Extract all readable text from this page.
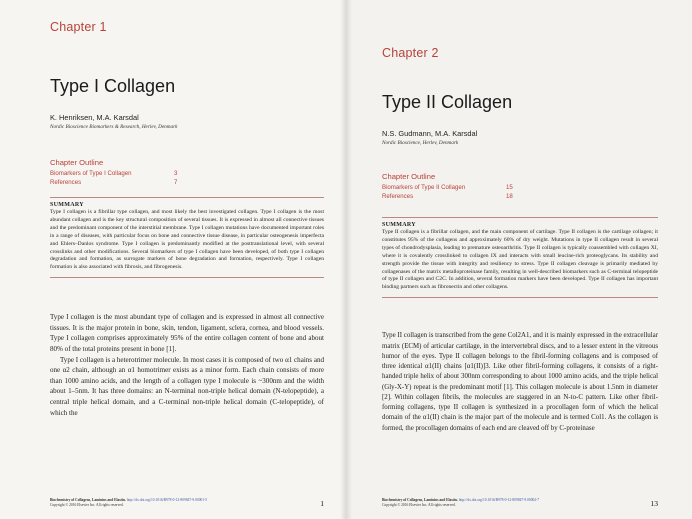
Chapter 1
Type I Collagen
K. Henriksen, M.A. Karsdal
Nordic Bioscience Biomarkers & Research, Herlev, Denmark
Chapter Outline
Biomarkers of Type I Collagen	3
References	7
SUMMARY
Type I collagen is a fibrillar type collagen, and most likely the best investigated collagen. Type I collagen is the most abundant collagen and is the key structural composition of several tissues. It is expressed in almost all connective tissues and the predominant component of the interstitial membrane. Type I collagen mutations have documented important roles in a range of diseases, with particular focus on bone and connective tissue disease, in particular osteogenesis imperfecta and Ehlers–Danlos syndrome. Type I collagen is predominantly modified at the posttranslational level, with several crosslinks and other modifications. Several biomarkers of type I collagen have been developed, of both type I collagen degradation and formation, as surrogate markers of bone degradation and formation, respectively. Type I collagen formation is also associated with fibrosis, and fibrogenesis.

Type I collagen is the most abundant type of collagen and is expressed in almost all connective tissues. It is the major protein in bone, skin, tendon, ligament, sclera, cornea, and blood vessels. Type I collagen comprises approximately 95% of the entire collagen content of bone and about 80% of the total proteins present in bone [1].

Type I collagen is a heterotrimer molecule. In most cases it is composed of two α1 chains and one α2 chain, although an α1 homotrimer exists as a minor form. Each chain consists of more than 1000 amino acids, and the length of a collagen type I molecule is ~300nm and the width about 1–5nm. It has three domains: an N-terminal non-triple helical domain (N-telopeptide), a central triple helical domain, and a C-terminal non-triple helical domain (C-telopeptide), of which the

Biochemistry of Collagens, Laminins and Elastin. http://dx.doi.org/10.1016/B978-0-12-809847-9.00001-5
Copyright © 2016 Elsevier Inc. All rights reserved.	1
Chapter 2
Type II Collagen
N.S. Gudmann, M.A. Karsdal
Nordic Bioscience, Herlev, Denmark
Chapter Outline
Biomarkers of Type II Collagen	15
References	18
SUMMARY
Type II collagen is a fibrillar collagen, and the main component of cartilage. Type II collagen is the cartilage collagen; it constitutes 95% of the collagens and approximately 60% of dry weight. Mutations in type II collagen result in several types of chondrodysplasia, leading to premature osteoarthritis. Type II collagen is typically coassembled with collagen XI, where it is covalently crosslinked to collagen IX and interacts with small leucine-rich proteoglycans. Its stability and strength provide the tissue with integrity and resiliency to stress. Type II collagen cleavage is primarily mediated by collagenases of the matrix metalloproteinase family, resulting in well-described biomarkers such as C-terminal telopeptide of type II collagen and C2C. In addition, several formation markers have been developed. Type II collagen has important binding partners such as fibronectin and other collagens.

Type II collagen is transcribed from the gene Col2A1, and it is mainly expressed in the extracellular matrix (ECM) of articular cartilage, in the intervertebral discs, and to a lesser extent in the vitreous humor of the eyes. Type II collagen belongs to the fibril-forming collagens and is composed of three identical α1(II) chains [α1(II)]3. Like other fibril-forming collagens, it consists of a right-handed triple helix of about 300nm corresponding to about 1000 amino acids, and the triple helical (Gly-X-Y) repeat is the predominant motif [1]. This collagen molecule is about 1.5nm in diameter [2]. Within collagen fibrils, the molecules are staggered in an N-to-C pattern. Like other fibril-forming collagens, type II collagen is synthesized in a procollagen form of which the helical domain of the α1(II) chain is the major part of the molecule and is termed Col1. As the collagen is formed, the procollagen domains of each end are cleaved off by C-proteinase

Biochemistry of Collagens, Laminins and Elastin. http://dx.doi.org/10.1016/B978-0-12-809847-9.00002-7
Copyright © 2016 Elsevier Inc. All rights reserved.	13
